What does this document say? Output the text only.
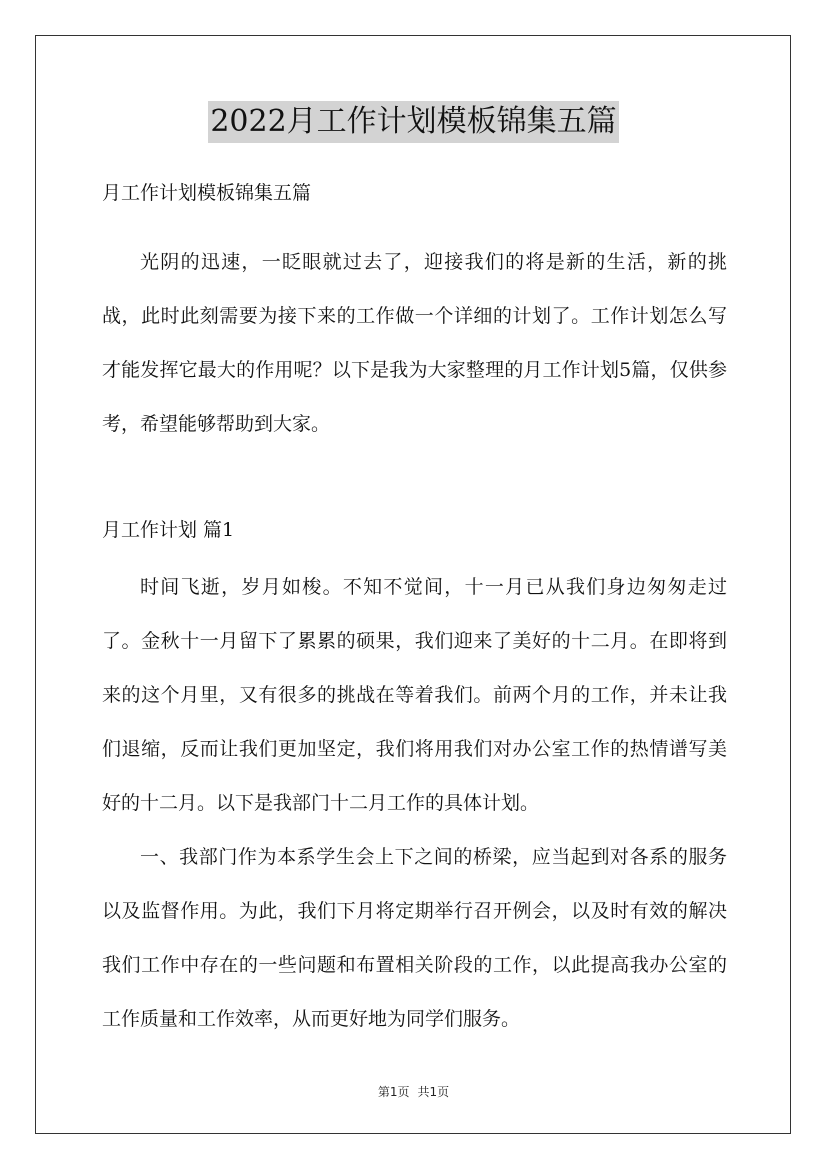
2022月工作计划模板锦集五篇

月工作计划模板锦集五篇

光阴的迅速，一眨眼就过去了，迎接我们的将是新的生活，新的挑战，此时此刻需要为接下来的工作做一个详细的计划了。工作计划怎么写才能发挥它最大的作用呢？以下是我为大家整理的月工作计划5篇，仅供参考，希望能够帮助到大家。

月工作计划 篇1

时间飞逝，岁月如梭。不知不觉间，十一月已从我们身边匆匆走过了。金秋十一月留下了累累的硕果，我们迎来了美好的十二月。在即将到来的这个月里，又有很多的挑战在等着我们。前两个月的工作，并未让我们退缩，反而让我们更加坚定，我们将用我们对办公室工作的热情谱写美好的十二月。以下是我部门十二月工作的具体计划。

一、我部门作为本系学生会上下之间的桥梁，应当起到对各系的服务以及监督作用。为此，我们下月将定期举行召开例会，以及时有效的解决我们工作中存在的一些问题和布置相关阶段的工作，以此提高我办公室的工作质量和工作效率，从而更好地为同学们服务。

第1页 共1页
